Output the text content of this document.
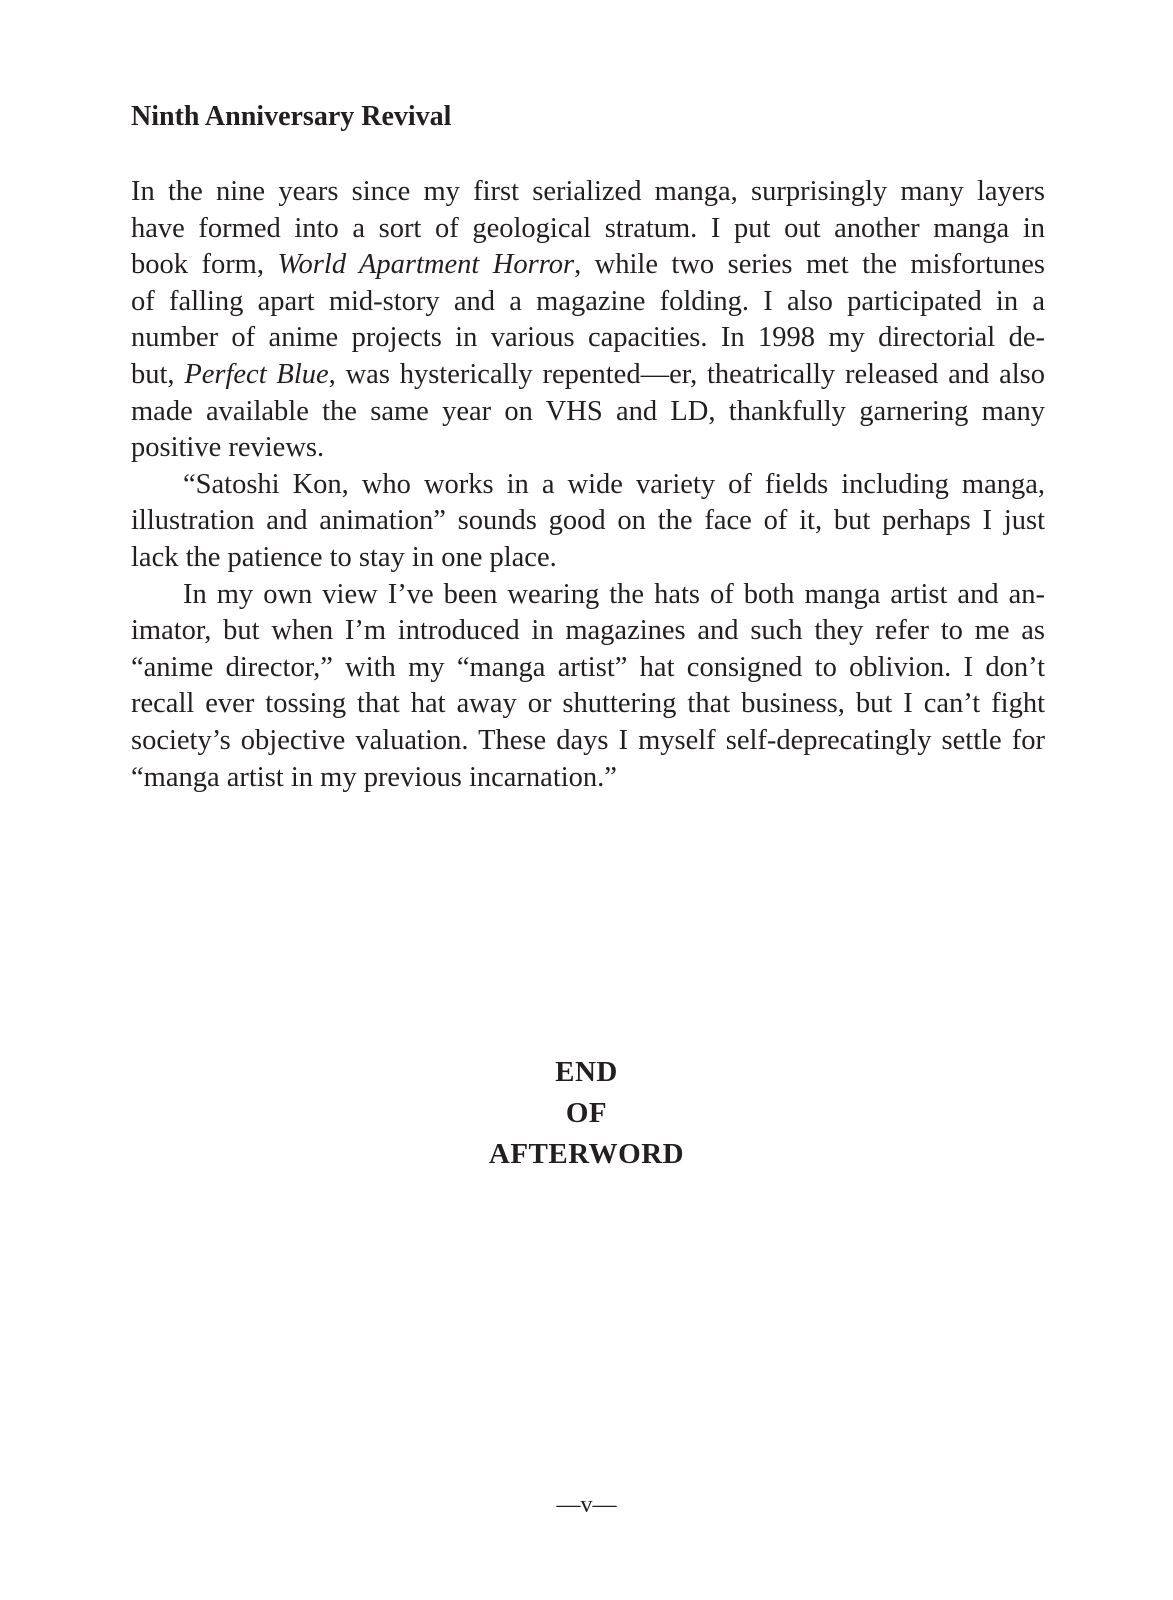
Ninth Anniversary Revival
In the nine years since my first serialized manga, surprisingly many layers
have formed into a sort of geological stratum. I put out another manga in
book form, World Apartment Horror, while two series met the misfortunes
of falling apart mid-story and a magazine folding. I also participated in a
number of anime projects in various capacities. In 1998 my directorial de-
but, Perfect Blue, was hysterically repented—er, theatrically released and also
made available the same year on VHS and LD, thankfully garnering many
positive reviews.
“Satoshi Kon, who works in a wide variety of fields including manga,
illustration and animation” sounds good on the face of it, but perhaps I just
lack the patience to stay in one place.
In my own view I’ve been wearing the hats of both manga artist and an-
imator, but when I’m introduced in magazines and such they refer to me as
“anime director,” with my “manga artist” hat consigned to oblivion. I don’t
recall ever tossing that hat away or shuttering that business, but I can’t fight
society’s objective valuation. These days I myself self-deprecatingly settle for
“manga artist in my previous incarnation.”
END
OF
AFTERWORD
—v—
